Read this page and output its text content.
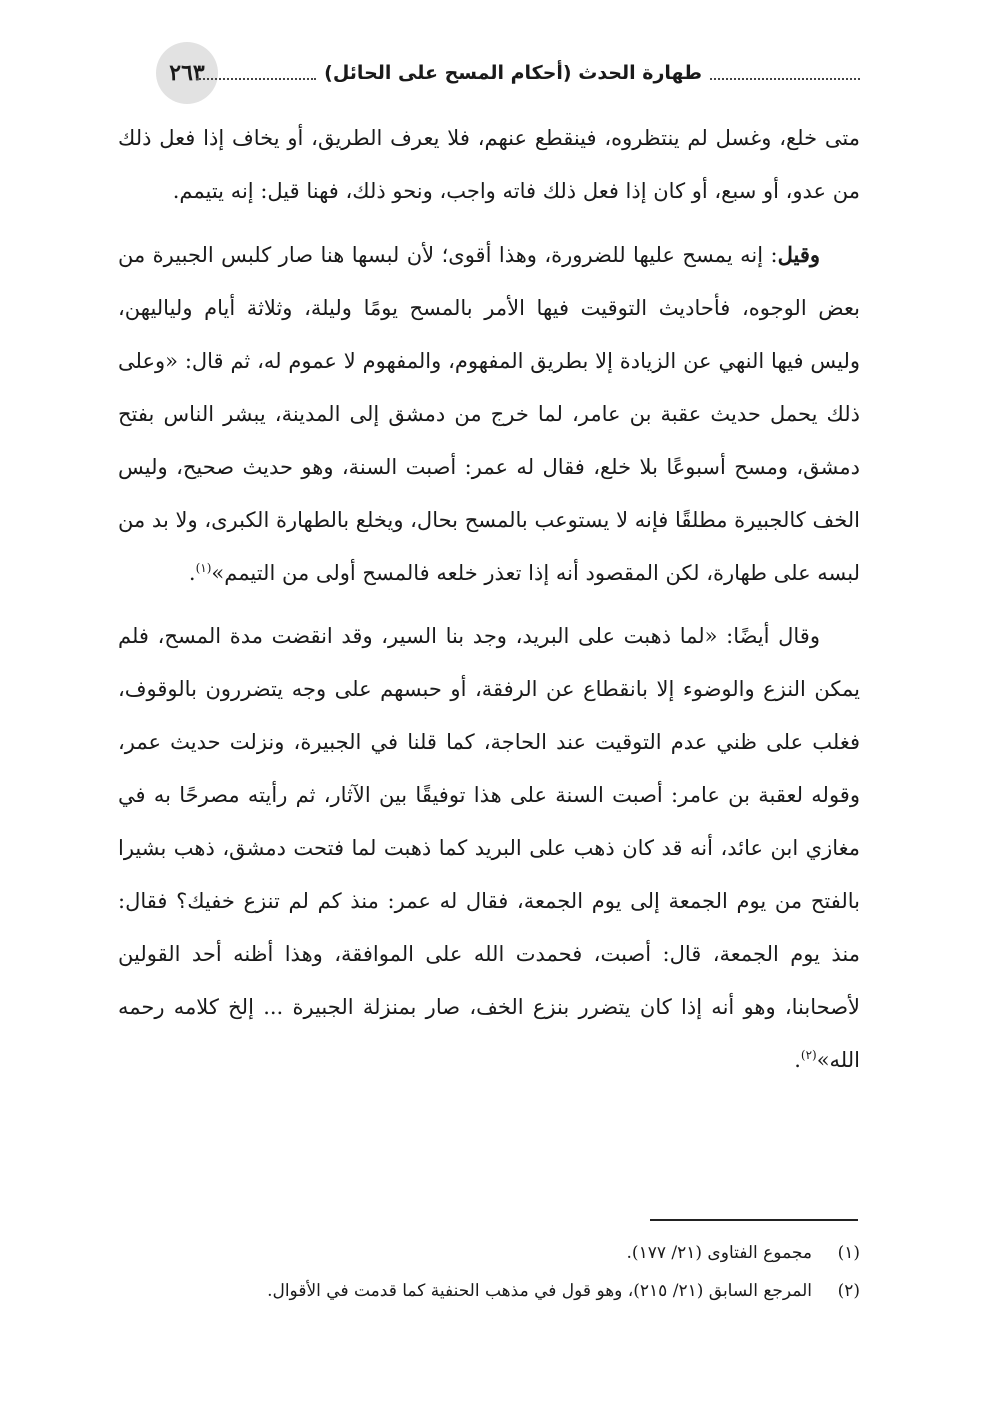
٢٦٣	طهارة الحدث (أحكام المسح على الحائل)

متى خلع، وغسل لم ينتظروه، فينقطع عنهم، فلا يعرف الطريق، أو يخاف إذا فعل ذلك من عدو، أو سبع، أو كان إذا فعل ذلك فاته واجب، ونحو ذلك، فهنا قيل: إنه يتيمم.

وقيل: إنه يمسح عليها للضرورة، وهذا أقوى؛ لأن لبسها هنا صار كلبس الجبيرة من بعض الوجوه، فأحاديث التوقيت فيها الأمر بالمسح يومًا وليلة، وثلاثة أيام ولياليهن، وليس فيها النهي عن الزيادة إلا بطريق المفهوم، والمفهوم لا عموم له، ثم قال: «وعلى ذلك يحمل حديث عقبة بن عامر، لما خرج من دمشق إلى المدينة، يبشر الناس بفتح دمشق، ومسح أسبوعًا بلا خلع، فقال له عمر: أصبت السنة، وهو حديث صحيح، وليس الخف كالجبيرة مطلقًا فإنه لا يستوعب بالمسح بحال، ويخلع بالطهارة الكبرى، ولا بد من لبسه على طهارة، لكن المقصود أنه إذا تعذر خلعه فالمسح أولى من التيمم»$^{(١)}$.

وقال أيضًا: «لما ذهبت على البريد، وجد بنا السير، وقد انقضت مدة المسح، فلم يمكن النزع والوضوء إلا بانقطاع عن الرفقة، أو حبسهم على وجه يتضررون بالوقوف، فغلب على ظني عدم التوقيت عند الحاجة، كما قلنا في الجبيرة، ونزلت حديث عمر، وقوله لعقبة بن عامر: أصبت السنة على هذا توفيقًا بين الآثار، ثم رأيته مصرحًا به في مغازي ابن عائد، أنه قد كان ذهب على البريد كما ذهبت لما فتحت دمشق، ذهب بشيرا بالفتح من يوم الجمعة إلى يوم الجمعة، فقال له عمر: منذ كم لم تنزع خفيك؟ فقال: منذ يوم الجمعة، قال: أصبت، فحمدت الله على الموافقة، وهذا أظنه أحد القولين لأصحابنا، وهو أنه إذا كان يتضرر بنزع الخف، صار بمنزلة الجبيرة ... إلخ كلامه رحمه الله»$^{(٢)}$.

(١)
مجموع الفتاوى (٢١/ ١٧٧).
(٢)
المرجع السابق (٢١/ ٢١٥)، وهو قول في مذهب الحنفية كما قدمت في الأقوال.
